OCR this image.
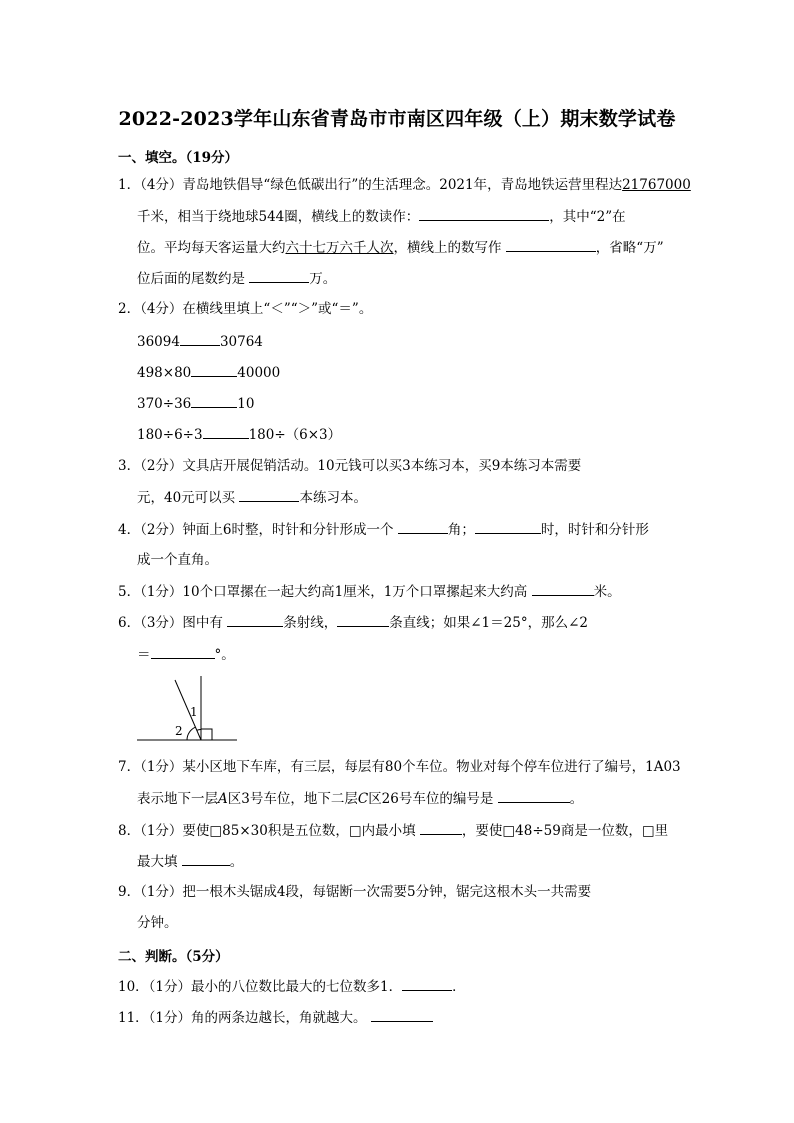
2022-2023学年山东省青岛市市南区四年级（上）期末数学试卷
一、填空。（19分）
1．（4分）青岛地铁倡导“绿色低碳出行”的生活理念。2021年，青岛地铁运营里程达21767000
千米，相当于绕地球544圈，横线上的数读作：	，其中“2”在
位。平均每天客运量大约六十七万六千人次，横线上的数写作	，省略“万”
位后面的尾数约是	万。
2．（4分）在横线里填上“＜”“＞”或“＝”。
36094	30764
498×80	40000
370÷36	10
180÷6÷3	180÷（6×3）
3．（2分）文具店开展促销活动。10元钱可以买3本练习本，买9本练习本需要
元，40元可以买	本练习本。
4．（2分）钟面上6时整，时针和分针形成一个	角；	时，时针和分针形
成一个直角。
5．（1分）10个口罩摞在一起大约高1厘米，1万个口罩摞起来大约高	米。
6．（3分）图中有	条射线，	条直线；如果∠1＝25°，那么∠2
＝	°。
1
2
7．（1分）某小区地下车库，有三层，每层有80个车位。物业对每个停车位进行了编号，1A03
表示地下一层A区3号车位，地下二层C区26号车位的编号是	。
8．（1分）要使□85×30积是五位数，□内最小填	，要使□48÷59商是一位数，□里
最大填	。
9．（1分）把一根木头锯成4段，每锯断一次需要5分钟，锯完这根木头一共需要
分钟。
二、判断。（5分）
10．（1分）最小的八位数比最大的七位数多1．	．
11．（1分）角的两条边越长，角就越大。
